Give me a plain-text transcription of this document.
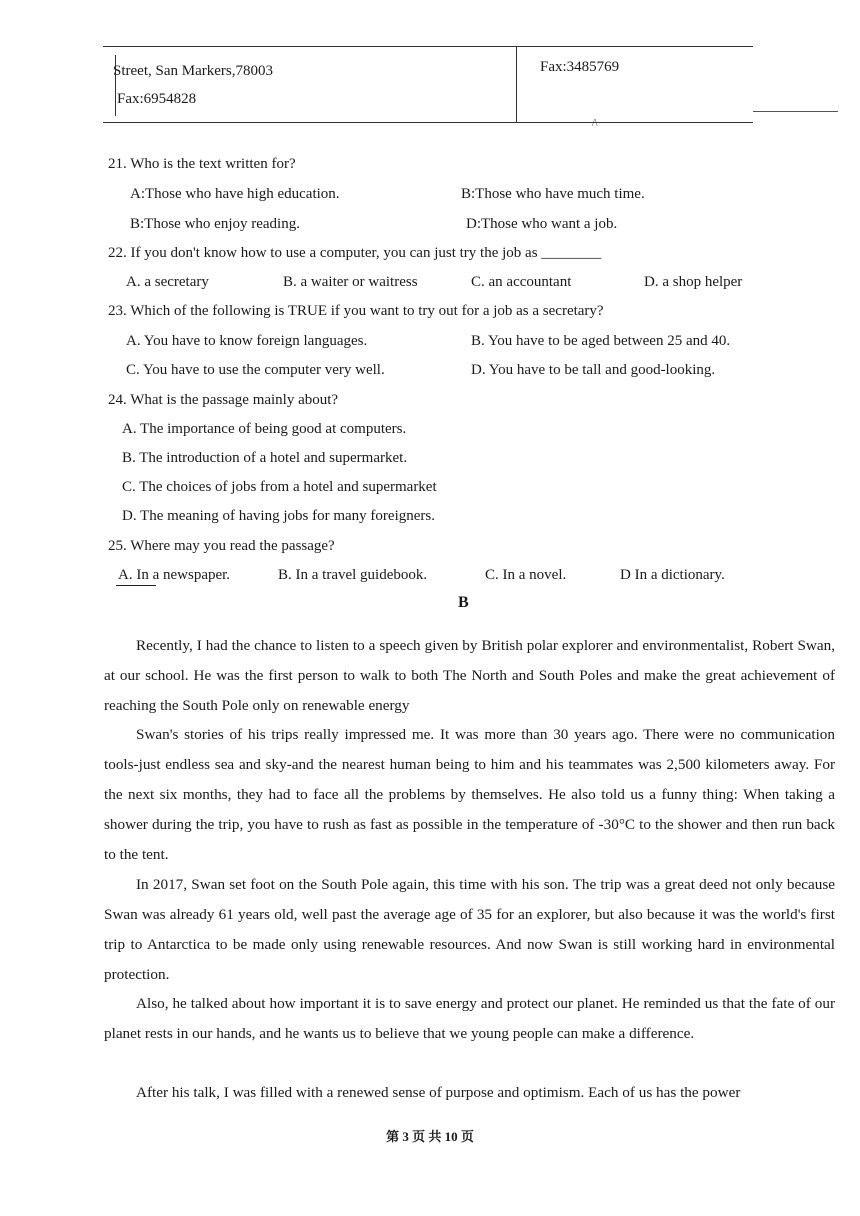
Street, San Markers,78003
Fax:6954828
Fax:3485769
/\
21. Who is the text written for?
A:Those who have high education.	B:Those who have much time.
B:Those who enjoy reading.	D:Those who want a job.
22. If you don't know how to use a computer, you can just try the job as ________
A. a secretary	B. a waiter or waitress	C. an accountant	D. a shop helper
23. Which of the following is TRUE if you want to try out for a job as a secretary?
A. You have to know foreign languages.	B. You have to be aged between 25 and 40.
C. You have to use the computer very well.	D. You have to be tall and good-looking.
24. What is the passage mainly about?
A. The importance of being good at computers.
B. The introduction of a hotel and supermarket.
C. The choices of jobs from a hotel and supermarket
D. The meaning of having jobs for many foreigners.
25. Where may you read the passage?
A. In a newspaper.	B. In a travel guidebook.	C. In a novel.	D In a dictionary.
B
Recently, I had the chance to listen to a speech given by British polar explorer and environmentalist, Robert Swan, at our school. He was the first person to walk to both The North and South Poles and make the great achievement of reaching the South Pole only on renewable energy
Swan's stories of his trips really impressed me. It was more than 30 years ago. There were no communication tools-just endless sea and sky-and the nearest human being to him and his teammates was 2,500 kilometers away. For the next six months, they had to face all the problems by themselves. He also told us a funny thing: When taking a shower during the trip, you have to rush as fast as possible in the temperature of -30°C to the shower and then run back to the tent.
In 2017, Swan set foot on the South Pole again, this time with his son. The trip was a great deed not only because Swan was already 61 years old, well past the average age of 35 for an explorer, but also because it was the world's first trip to Antarctica to be made only using renewable resources. And now Swan is still working hard in environmental protection.
Also, he talked about how important it is to save energy and protect our planet. He reminded us that the fate of our planet rests in our hands, and he wants us to believe that we young people can make a difference.
After his talk, I was filled with a renewed sense of purpose and optimism. Each of us has the power
第 3 页 共 10 页
